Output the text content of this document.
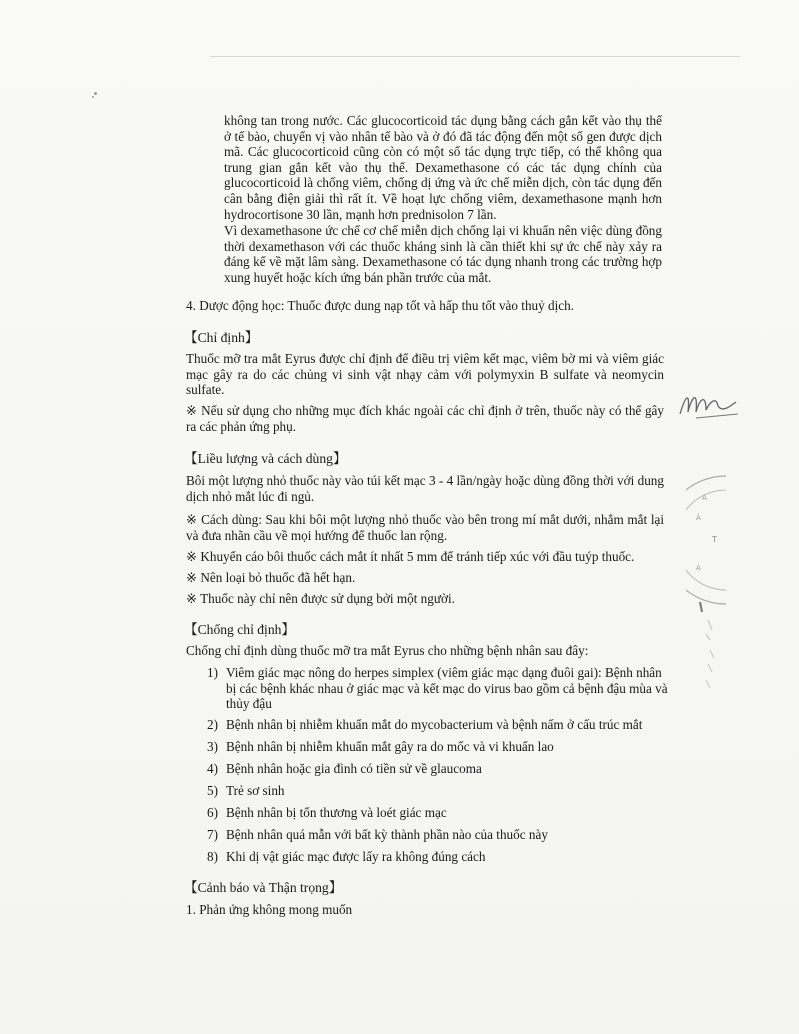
không tan trong nước. Các glucocorticoid tác dụng bằng cách gắn kết vào thụ thể ở tế bào, chuyển vị vào nhân tế bào và ở đó đã tác động đến một số gen được dịch mã. Các glucocorticoid cũng còn có một số tác dụng trực tiếp, có thể không qua trung gian gắn kết vào thụ thể. Dexamethasone có các tác dụng chính của glucocorticoid là chống viêm, chống dị ứng và ức chế miễn dịch, còn tác dụng đến cân bằng điện giải thì rất ít. Về hoạt lực chống viêm, dexamethasone mạnh hơn hydrocortisone 30 lần, mạnh hơn prednisolon 7 lần.

Vì dexamethasone ức chế cơ chế miễn dịch chống lại vi khuẩn nên việc dùng đồng thời dexamethason với các thuốc kháng sinh là cần thiết khi sự ức chế này xảy ra đáng kể về mặt lâm sàng. Dexamethasone có tác dụng nhanh trong các trường hợp xung huyết hoặc kích ứng bán phần trước của mắt.

4. Dược động học: Thuốc được dung nạp tốt và hấp thu tốt vào thuỷ dịch.

【Chỉ định】

Thuốc mỡ tra mắt Eyrus được chỉ định để điều trị viêm kết mạc, viêm bờ mi và viêm giác mạc gây ra do các chủng vi sinh vật nhạy cảm với polymyxin B sulfate và neomycin sulfate.

※ Nếu sử dụng cho những mục đích khác ngoài các chỉ định ở trên, thuốc này có thể gây ra các phản ứng phụ.

【Liều lượng và cách dùng】

Bôi một lượng nhỏ thuốc này vào túi kết mạc 3 - 4 lần/ngày hoặc dùng đồng thời với dung dịch nhỏ mắt lúc đi ngủ.

※ Cách dùng: Sau khi bôi một lượng nhỏ thuốc vào bên trong mí mắt dưới, nhắm mắt lại và đưa nhãn cầu về mọi hướng để thuốc lan rộng.

※ Khuyến cáo bôi thuốc cách mắt ít nhất 5 mm để tránh tiếp xúc với đầu tuýp thuốc.

※ Nên loại bỏ thuốc đã hết hạn.

※ Thuốc này chỉ nên được sử dụng bởi một người.

【Chống chỉ định】

Chống chỉ định dùng thuốc mỡ tra mắt Eyrus cho những bệnh nhân sau đây:

1) Viêm giác mạc nông do herpes simplex (viêm giác mạc dạng đuôi gai): Bệnh nhân bị các bệnh khác nhau ở giác mạc và kết mạc do virus bao gồm cả bệnh đậu mùa và thủy đậu
2) Bệnh nhân bị nhiễm khuẩn mắt do mycobacterium và bệnh nấm ở cấu trúc mắt
3) Bệnh nhân bị nhiễm khuẩn mắt gây ra do mốc và vi khuẩn lao
4) Bệnh nhân hoặc gia đình có tiền sử về glaucoma
5) Trẻ sơ sinh
6) Bệnh nhân bị tổn thương và loét giác mạc
7) Bệnh nhân quá mẫn với bất kỳ thành phần nào của thuốc này
8) Khi dị vật giác mạc được lấy ra không đúng cách
【Cảnh báo và Thận trọng】

1. Phản ứng không mong muốn

A
Â
T
Ạ
